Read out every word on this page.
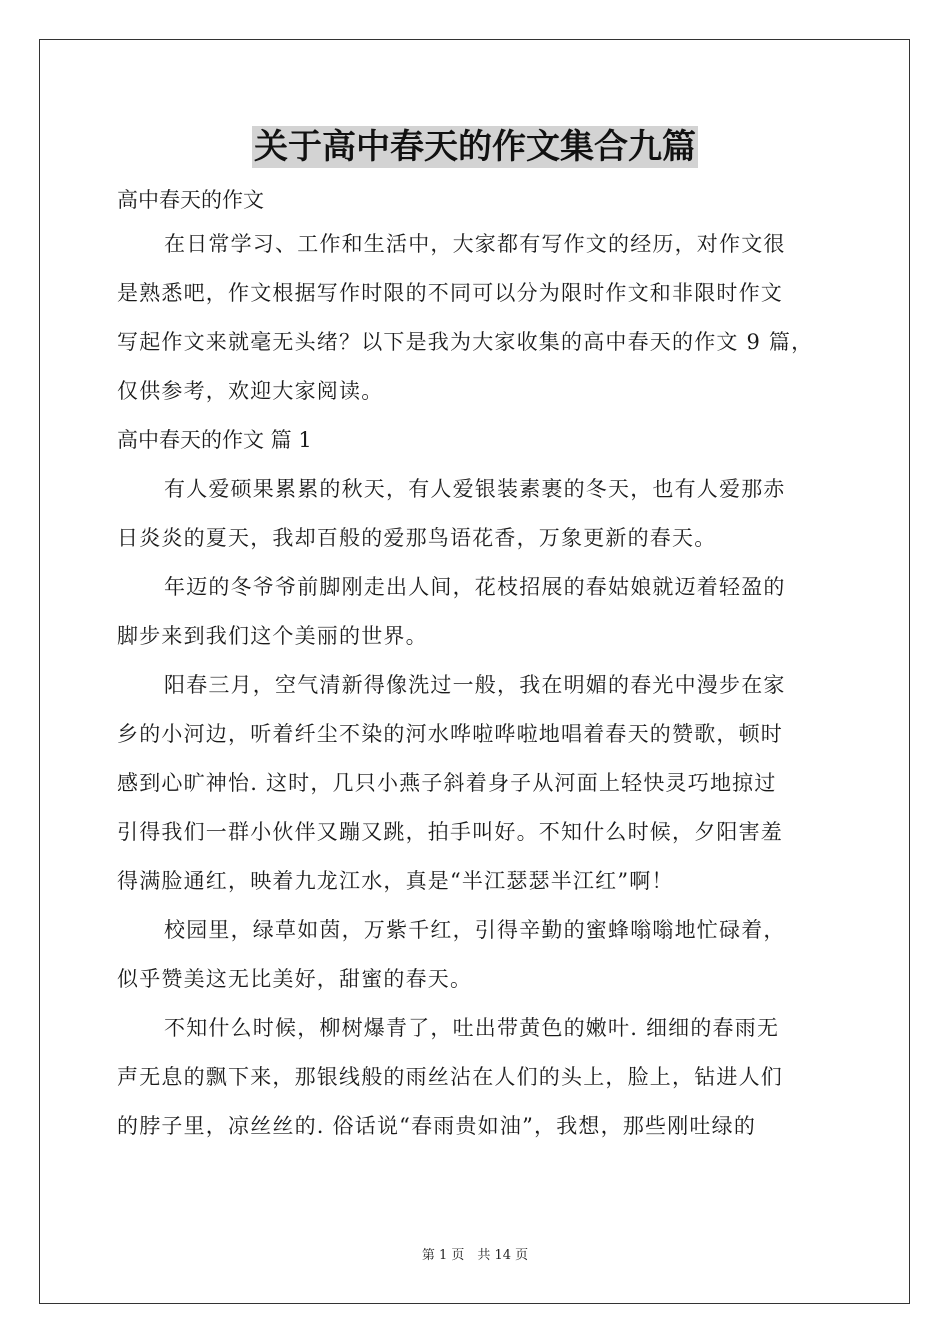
关于高中春天的作文集合九篇
高中春天的作文
在日常学习、工作和生活中，大家都有写作文的经历，对作文很
是熟悉吧，作文根据写作时限的不同可以分为限时作文和非限时作文
写起作文来就毫无头绪？以下是我为大家收集的高中春天的作文 9 篇，
仅供参考，欢迎大家阅读。
高中春天的作文 篇 1
有人爱硕果累累的秋天，有人爱银装素裹的冬天，也有人爱那赤
日炎炎的夏天，我却百般的爱那鸟语花香，万象更新的春天。
年迈的冬爷爷前脚刚走出人间，花枝招展的春姑娘就迈着轻盈的
脚步来到我们这个美丽的世界。
阳春三月，空气清新得像洗过一般，我在明媚的春光中漫步在家
乡的小河边，听着纤尘不染的河水哗啦哗啦地唱着春天的赞歌，顿时
感到心旷神怡. 这时，几只小燕子斜着身子从河面上轻快灵巧地掠过
引得我们一群小伙伴又蹦又跳，拍手叫好。不知什么时候，夕阳害羞
得满脸通红，映着九龙江水，真是“半江瑟瑟半江红”啊！
校园里，绿草如茵，万紫千红，引得辛勤的蜜蜂嗡嗡地忙碌着，
似乎赞美这无比美好，甜蜜的春天。
不知什么时候，柳树爆青了，吐出带黄色的嫩叶. 细细的春雨无
声无息的飘下来，那银线般的雨丝沾在人们的头上，脸上，钻进人们
的脖子里，凉丝丝的. 俗话说“春雨贵如油”，我想，那些刚吐绿的
第 1 页　共 14 页
